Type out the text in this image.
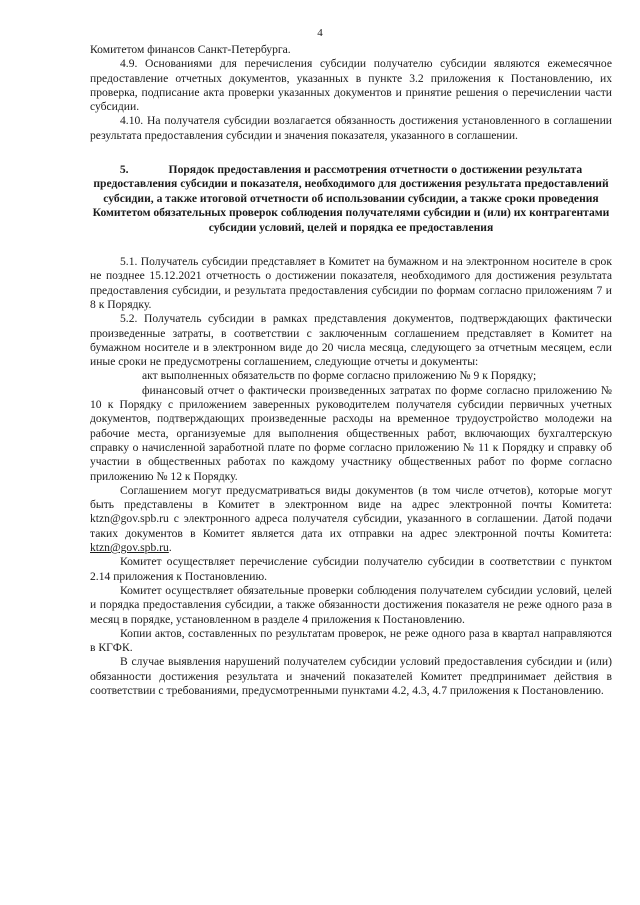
4

Комитетом финансов Санкт-Петербурга.

4.9. Основаниями для перечисления субсидии получателю субсидии являются ежемесячное предоставление отчетных документов, указанных в пункте 3.2 приложения к Постановлению, их проверка, подписание акта проверки указанных документов и принятие решения о перечислении части субсидии.

4.10. На получателя субсидии возлагается обязанность достижения установленного в соглашении результата предоставления субсидии и значения показателя, указанного в соглашении.

5.	Порядок предоставления и рассмотрения отчетности о достижении результата предоставления субсидии и показателя, необходимого для достижения результата предоставлений субсидии, а также итоговой отчетности об использовании субсидии, а также сроки проведения Комитетом обязательных проверок соблюдения получателями субсидии и (или) их контрагентами субсидии условий, целей и порядка ее предоставления

5.1. Получатель субсидии представляет в Комитет на бумажном и на электронном носителе в срок не позднее 15.12.2021 отчетность о достижении показателя, необходимого для достижения результата предоставления субсидии, и результата предоставления субсидии по формам согласно приложениям 7 и 8 к Порядку.

5.2. Получатель субсидии в рамках представления документов, подтверждающих фактически произведенные затраты, в соответствии с заключенным соглашением представляет в Комитет на бумажном носителе и в электронном виде до 20 числа месяца, следующего за отчетным месяцем, если иные сроки не предусмотрены соглашением, следующие отчеты и документы:

акт выполненных обязательств по форме согласно приложению № 9 к Порядку;

финансовый отчет о фактически произведенных затратах по форме согласно приложению № 10 к Порядку с приложением заверенных руководителем получателя субсидии первичных учетных документов, подтверждающих произведенные расходы на временное трудоустройство молодежи на рабочие места, организуемые для выполнения общественных работ, включающих бухгалтерскую справку о начисленной заработной плате по форме согласно приложению № 11 к Порядку и справку об участии в общественных работах по каждому участнику общественных работ по форме согласно приложению № 12 к Порядку.

Соглашением могут предусматриваться виды документов (в том числе отчетов), которые могут быть представлены в Комитет в электронном виде на адрес электронной почты Комитета: ktzn@gov.spb.ru с электронного адреса получателя субсидии, указанного в соглашении. Датой подачи таких документов в Комитет является дата их отправки на адрес электронной почты Комитета: ktzn@gov.spb.ru.

Комитет осуществляет перечисление субсидии получателю субсидии в соответствии с пунктом 2.14 приложения к Постановлению.

Комитет осуществляет обязательные проверки соблюдения получателем субсидии условий, целей и порядка предоставления субсидии, а также обязанности достижения показателя не реже одного раза в месяц в порядке, установленном в разделе 4 приложения к Постановлению.

Копии актов, составленных по результатам проверок, не реже одного раза в квартал направляются в КГФК.

В случае выявления нарушений получателем субсидии условий предоставления субсидии и (или) обязанности достижения результата и значений показателей Комитет предпринимает действия в соответствии с требованиями, предусмотренными пунктами 4.2, 4.3, 4.7 приложения к Постановлению.
